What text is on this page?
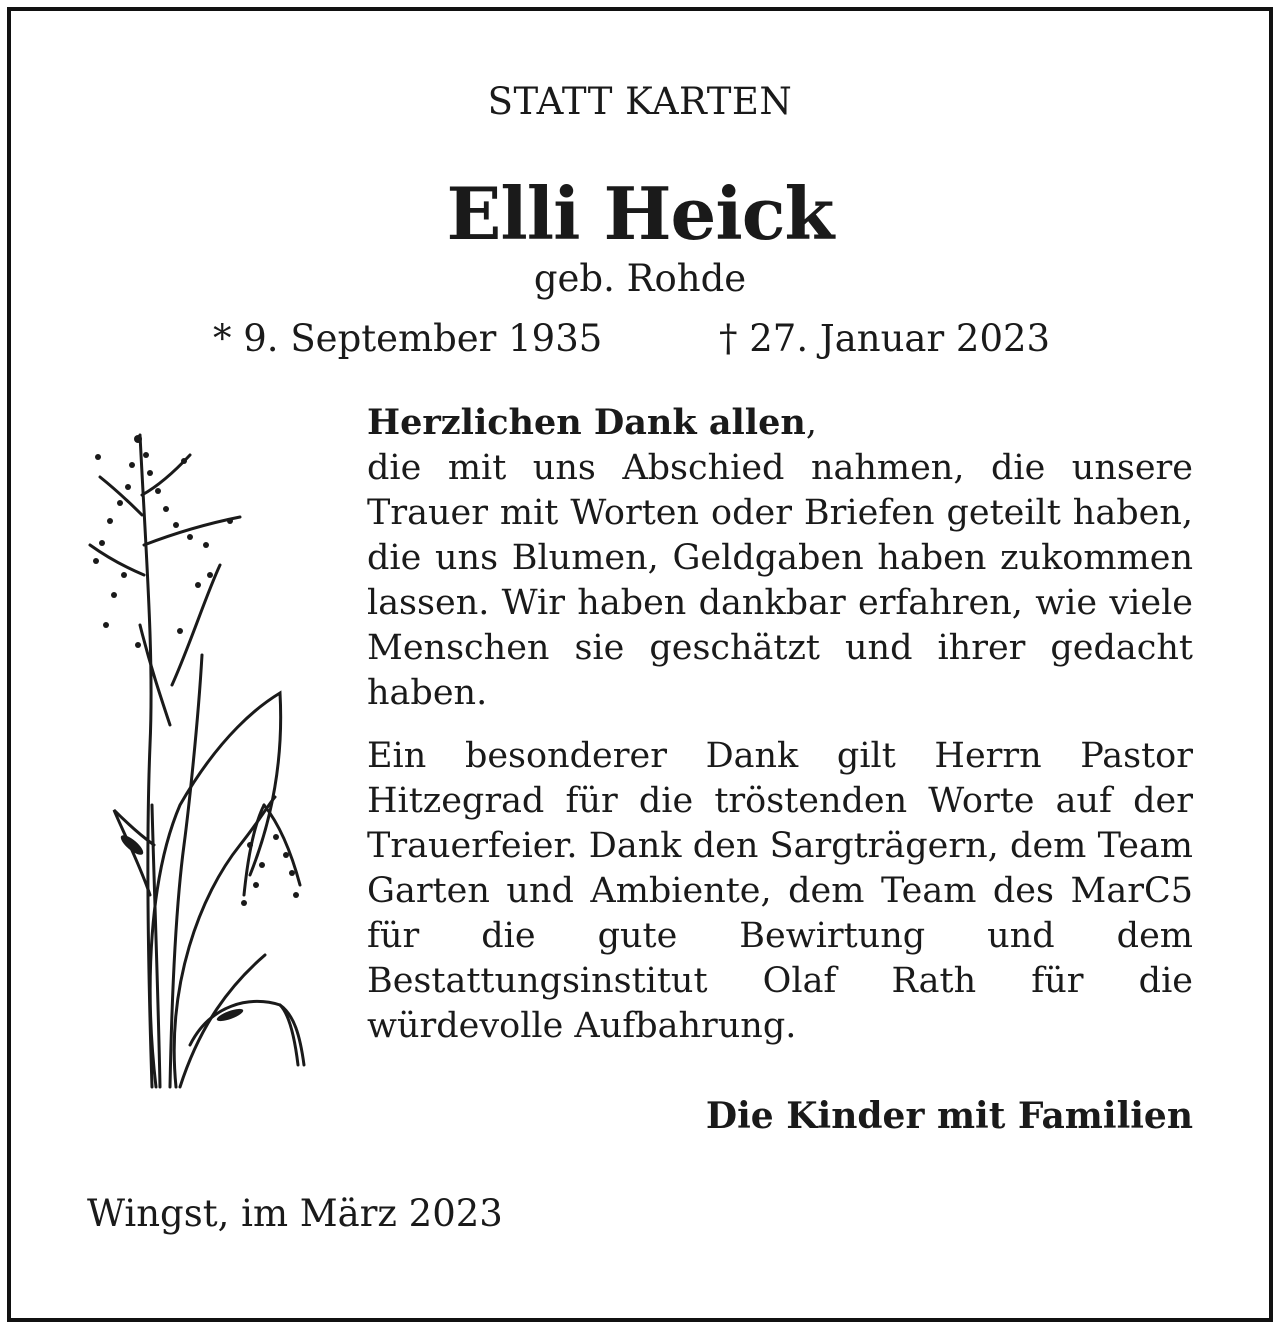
STATT KARTEN
Elli Heick
geb. Rohde
* 9. September 1935	† 27. Januar 2023

Herzlichen Dank allen,
die mit uns Abschied nahmen, die unsere Trauer mit Worten oder Briefen geteilt haben, die uns Blumen, Geldgaben haben zukommen lassen. Wir haben dankbar erfahren, wie viele Menschen sie geschätzt und ihrer gedacht haben.

Ein besonderer Dank gilt Herrn Pastor Hitzegrad für die tröstenden Worte auf der Trauerfeier. Dank den Sargträgern, dem Team Garten und Ambiente, dem Team des MarC5 für die gute Bewirtung und dem Bestattungsinstitut Olaf Rath für die würdevolle Aufbahrung.

Die Kinder mit Familien
Wingst, im März 2023
